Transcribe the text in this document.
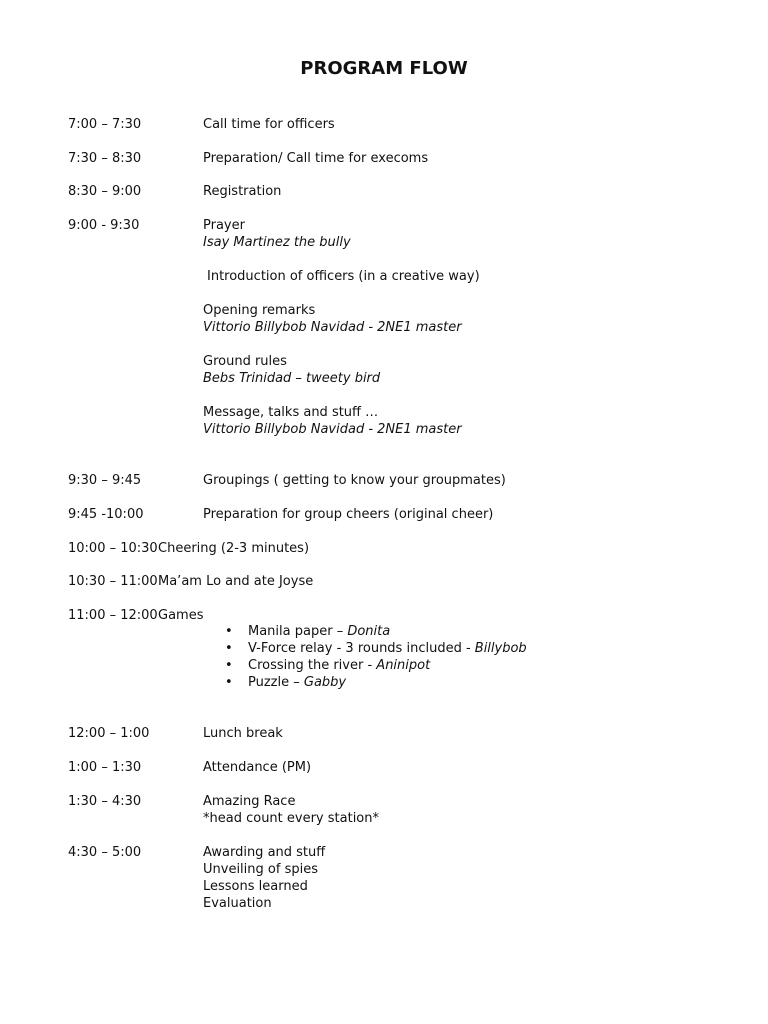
PROGRAM FLOW
7:00 – 7:30	Call time for officers
7:30 – 8:30	Preparation/ Call time for execoms
8:30 – 9:00	Registration
9:00 - 9:30	Prayer
Isay Martinez the bully
Introduction of officers (in a creative way)
Opening remarks
Vittorio Billybob Navidad - 2NE1 master
Ground rules
Bebs Trinidad – tweety bird
Message, talks and stuff …
Vittorio Billybob Navidad - 2NE1 master
9:30 – 9:45	Groupings ( getting to know your groupmates)
9:45 -10:00	Preparation for group cheers (original cheer)
10:00 – 10:30 Cheering (2-3 minutes)
10:30 – 11:00 Ma’am Lo and ate Joyse
11:00 – 12:00 Games
• Manila paper – Donita
• V-Force relay - 3 rounds included - Billybob
• Crossing the river - Aninipot
• Puzzle – Gabby
12:00 – 1:00	Lunch break
1:00 – 1:30	Attendance (PM)
1:30 – 4:30	Amazing Race
*head count every station*
4:30 – 5:00	Awarding and stuff
Unveiling of spies
Lessons learned
Evaluation
